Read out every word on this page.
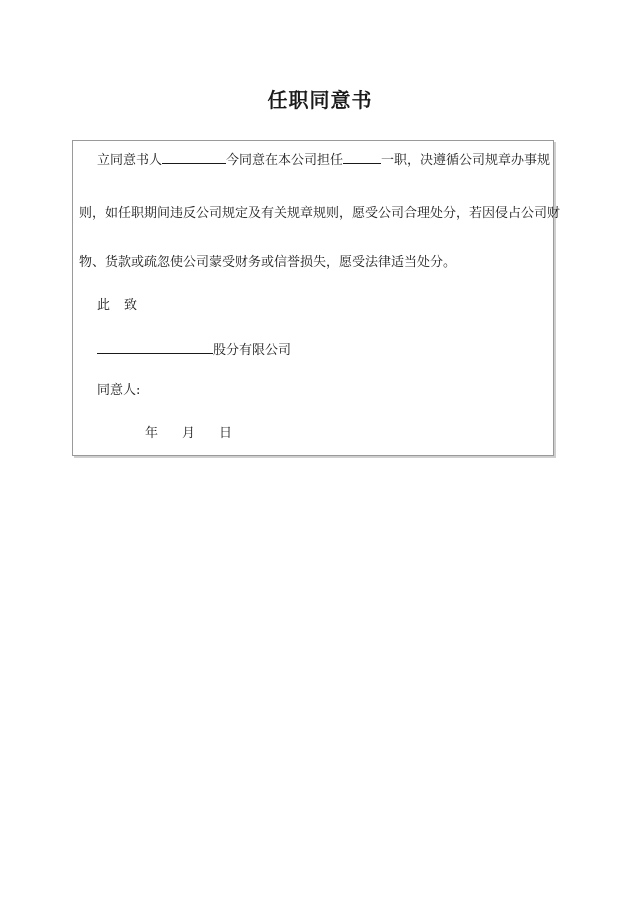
任职同意书
立同意书人	今同意在本公司担任	一职，决遵循公司规章办事规
则，如任职期间违反公司规定及有关规章规则，愿受公司合理处分，若因侵占公司财
物、货款或疏忽使公司蒙受财务或信誉损失，愿受法律适当处分。
此致
股分有限公司
同意人:
年 月 日
